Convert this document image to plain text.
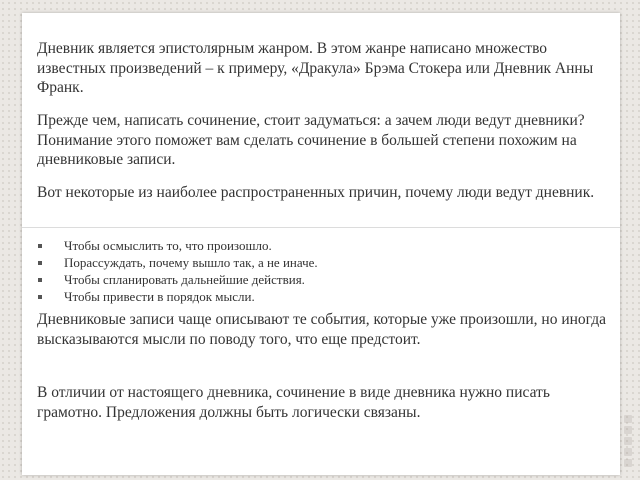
Дневник является эпистолярным жанром. В этом жанре написано множество известных произведений – к примеру, «Дракула» Брэма Стокера или Дневник Анны Франк.
Прежде чем, написать сочинение, стоит задуматься: а зачем люди ведут дневники? Понимание этого поможет вам сделать сочинение в большей степени похожим на дневниковые записи.
Вот некоторые из наиболее распространенных причин, почему люди ведут дневник.
Чтобы осмыслить то, что произошло.
Порассуждать, почему вышло так, а не иначе.
Чтобы спланировать дальнейшие действия.
Чтобы привести в порядок мысли.
Дневниковые записи чаще описывают те события, которые уже произошли, но иногда высказываются мысли по поводу того, что еще предстоит.
В отличии от настоящего дневника, сочинение в виде дневника нужно писать грамотно. Предложения должны быть логически связаны.
